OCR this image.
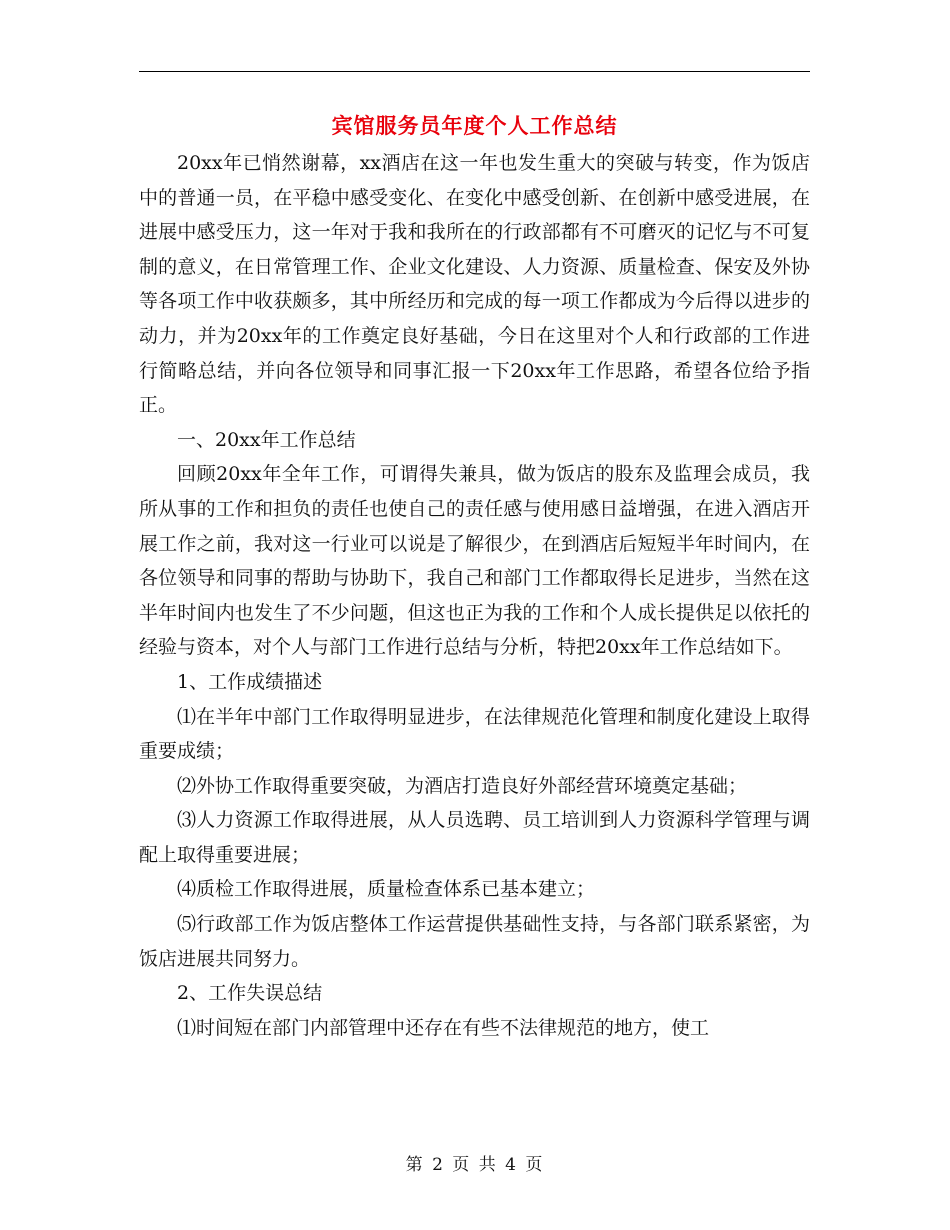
宾馆服务员年度个人工作总结

20xx年已悄然谢幕，xx酒店在这一年也发生重大的突破与转变，作为饭店中的普通一员，在平稳中感受变化、在变化中感受创新、在创新中感受进展，在进展中感受压力，这一年对于我和我所在的行政部都有不可磨灭的记忆与不可复制的意义，在日常管理工作、企业文化建设、人力资源、质量检查、保安及外协等各项工作中收获颇多，其中所经历和完成的每一项工作都成为今后得以进步的动力，并为20xx年的工作奠定良好基础，今日在这里对个人和行政部的工作进行简略总结，并向各位领导和同事汇报一下20xx年工作思路，希望各位给予指正。

一、20xx年工作总结

回顾20xx年全年工作，可谓得失兼具，做为饭店的股东及监理会成员，我所从事的工作和担负的责任也使自己的责任感与使用感日益增强，在进入酒店开展工作之前，我对这一行业可以说是了解很少，在到酒店后短短半年时间内，在各位领导和同事的帮助与协助下，我自己和部门工作都取得长足进步，当然在这半年时间内也发生了不少问题，但这也正为我的工作和个人成长提供足以依托的经验与资本，对个人与部门工作进行总结与分析，特把20xx年工作总结如下。

1、工作成绩描述

⑴在半年中部门工作取得明显进步，在法律规范化管理和制度化建设上取得重要成绩；

⑵外协工作取得重要突破，为酒店打造良好外部经营环境奠定基础；

⑶人力资源工作取得进展，从人员选聘、员工培训到人力资源科学管理与调配上取得重要进展；

⑷质检工作取得进展，质量检查体系已基本建立；

⑸行政部工作为饭店整体工作运营提供基础性支持，与各部门联系紧密，为饭店进展共同努力。

2、工作失误总结

⑴时间短在部门内部管理中还存在有些不法律规范的地方，使工

第 2 页 共 4 页
